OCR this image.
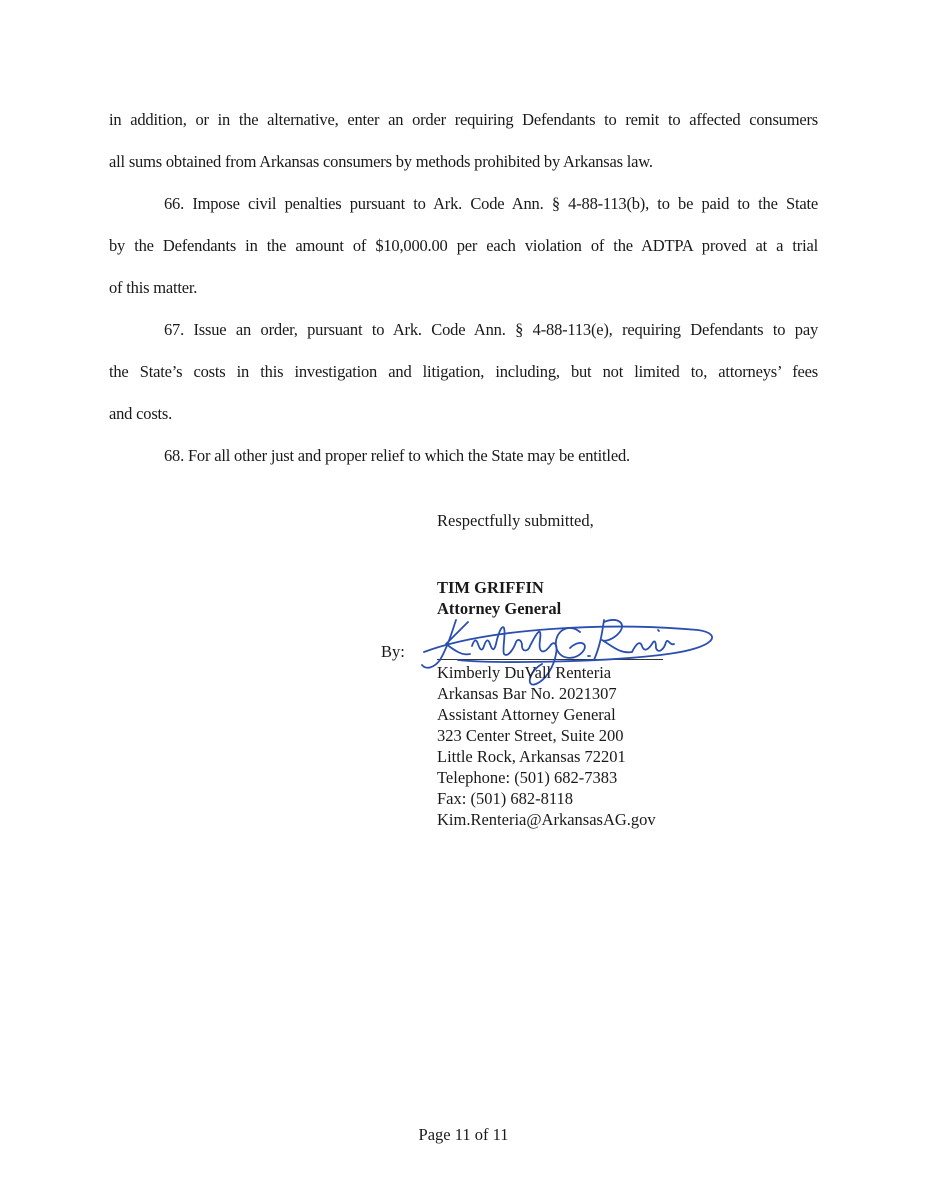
in addition, or in the alternative, enter an order requiring Defendants to remit to affected consumers
all sums obtained from Arkansas consumers by methods prohibited by Arkansas law.
66. Impose civil penalties pursuant to Ark. Code Ann. § 4-88-113(b), to be paid to the State
by the Defendants in the amount of $10,000.00 per each violation of the ADTPA proved at a trial
of this matter.
67. Issue an order, pursuant to Ark. Code Ann. § 4-88-113(e), requiring Defendants to pay
the State’s costs in this investigation and litigation, including, but not limited to, attorneys’ fees
and costs.
68. For all other just and proper relief to which the State may be entitled.
Respectfully submitted,
TIM GRIFFIN
Attorney General
By:
Kimberly DuVall Renteria
Arkansas Bar No. 2021307
Assistant Attorney General
323 Center Street, Suite 200
Little Rock, Arkansas 72201
Telephone: (501) 682-7383
Fax: (501) 682-8118
Kim.Renteria@ArkansasAG.gov
Page 11 of 11
